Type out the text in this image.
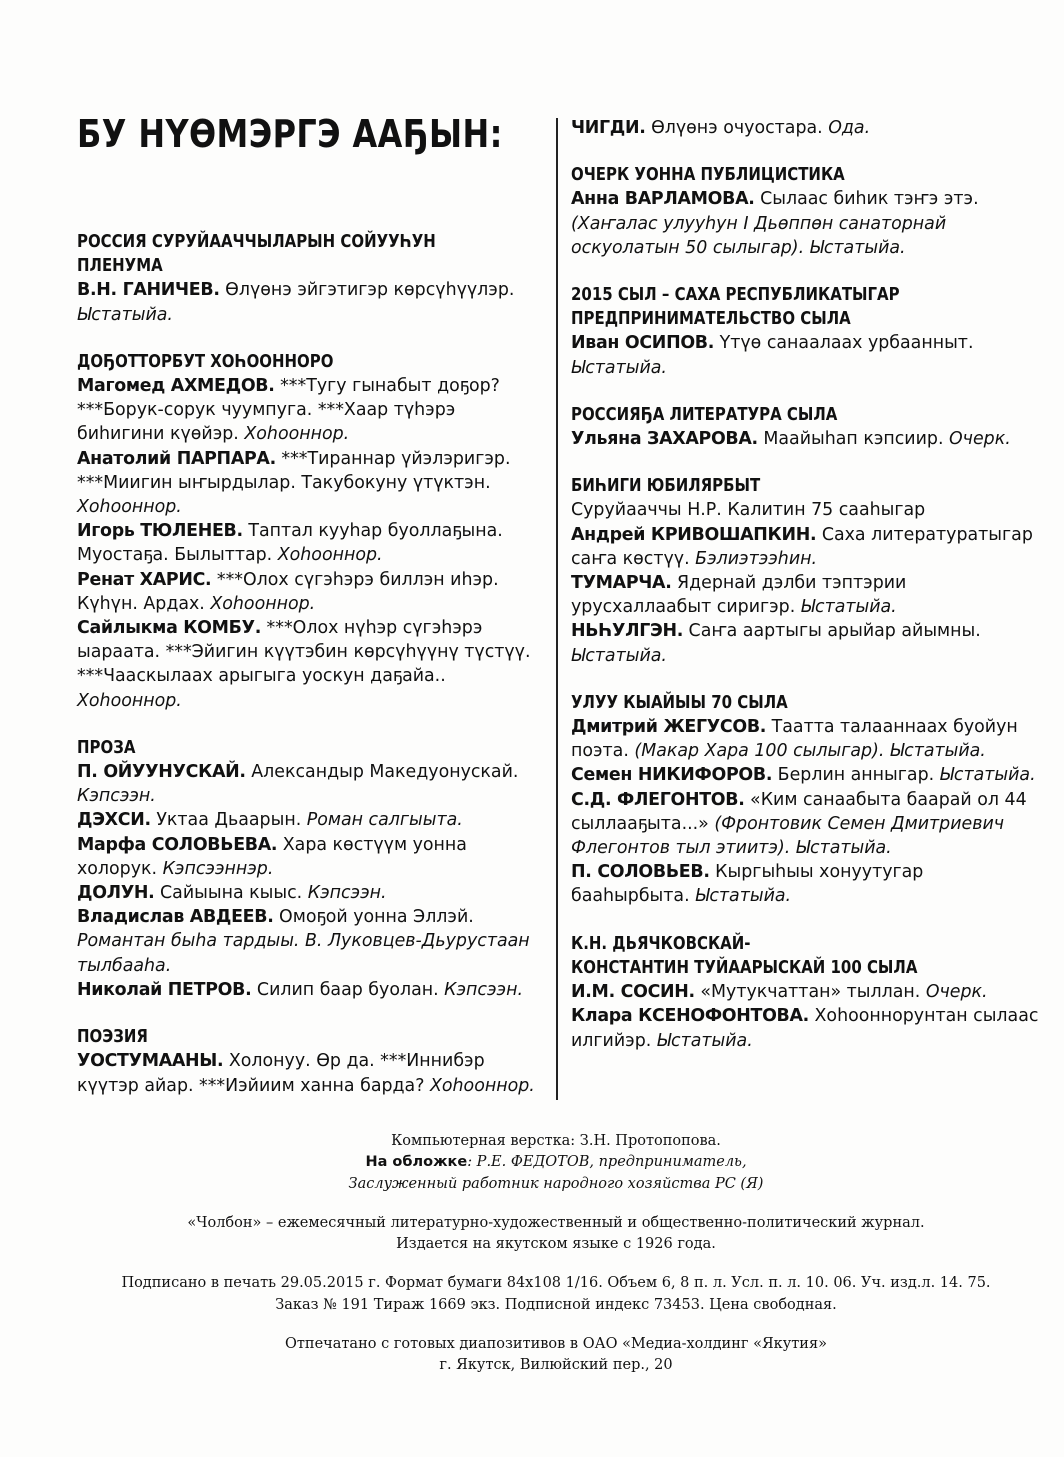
БУ НҮӨМЭРГЭ ААҔЫН:
РОССИЯ СУРУЙААЧЧЫЛАРЫН СОЙУУҺУН
ПЛЕНУМА
В.Н. ГАНИЧЕВ. Өлүөнэ эйгэтигэр көрсүһүүлэр. Ыстатыйа.
ДОҔОТТОРБУТ ХОҺООННОРО
Магомед АХМЕДОВ. ***Тугу гынабыт доҕор? ***Борук-сорук чуумпуга. ***Хаар түһэрэ биһигини күөйэр. Хоһооннор.
Анатолий ПАРПАРА. ***Тираннар үйэлэригэр. ***Миигин ыҥырдылар. Такубокуну үтүктэн. Хоһооннор.
Игорь ТЮЛЕНЕВ. Таптал кууһар буоллаҕына. Муостаҕа. Былыттар. Хоһооннор.
Ренат ХАРИС. ***Олох сүгэһэрэ биллэн иһэр. Күһүн. Ардах. Хоһооннор.
Сайлыкма КОМБУ. ***Олох нүһэр сүгэһэрэ ыараата. ***Эйигин күүтэбин көрсүһүүнү түстүү. ***Чааскылаах арыгыга уоскун даҕайа.. Хоһооннор.
ПРОЗА
П. ОЙУУНУСКАЙ. Александыр Македуонускай. Кэпсээн.
ДЭХСИ. Уктаа Дьаарын. Роман салгыыта.
Марфа СОЛОВЬЕВА. Хара көстүүм уонна холорук. Кэпсээннэр.
ДОЛУН. Сайыына кыыс. Кэпсээн.
Владислав АВДЕЕВ. Омоҕой уонна Эллэй. Романтан быһа тардыы. В. Луковцев-Дьурустаан тылбааһа.
Николай ПЕТРОВ. Силип баар буолан. Кэпсээн.
ПОЭЗИЯ
УОСТУМААНЫ. Холонуу. Өр да. ***Иннибэр күүтэр айар. ***Иэйиим ханна барда? Хоһооннор.
ЧИГДИ. Өлүөнэ очуостара. Ода.
ОЧЕРК УОННА ПУБЛИЦИСТИКА
Анна ВАРЛАМОВА. Сылаас биһик тэҥэ этэ. (Хаҥалас улууһун I Дьөппөн санаторнай оскуолатын 50 сылыгар). Ыстатыйа.
2015 СЫЛ – САХА РЕСПУБЛИКАТЫГАР
ПРЕДПРИНИМАТЕЛЬСТВО СЫЛА
Иван ОСИПОВ. Үтүө санаалаах урбаанныт. Ыстатыйа.
РОССИЯҔА ЛИТЕРАТУРА СЫЛА
Ульяна ЗАХАРОВА. Маайыһап кэпсиир. Очерк.
БИҺИГИ ЮБИЛЯРБЫТ
Суруйааччы Н.Р. Калитин 75 сааһыгар
Андрей КРИВОШАПКИН. Саха литературатыгар саҥа көстүү. Бэлиэтээһин.
ТУМАРЧА. Ядернай дэлби тэптэрии урусхаллаабыт сиригэр. Ыстатыйа.
НЬҺУЛГЭН. Саҥа аартыгы арыйар айымны. Ыстатыйа.
УЛУУ КЫАЙЫЫ 70 СЫЛА
Дмитрий ЖЕГУСОВ. Таатта талааннаах буойун поэта. (Макар Хара 100 сылыгар). Ыстатыйа.
Семен НИКИФОРОВ. Берлин анныгар. Ыстатыйа.
С.Д. ФЛЕГОНТОВ. «Ким санаабыта баарай ол 44 сыллааҕыта...» (Фронтовик Семен Дмитриевич Флегонтов тыл этиитэ). Ыстатыйа.
П. СОЛОВЬЕВ. Кыргыһыы хонуутугар бааһырбыта. Ыстатыйа.
К.Н. ДЬЯЧКОВСКАЙ-
КОНСТАНТИН ТУЙААРЫСКАЙ 100 СЫЛА
И.М. СОСИН. «Мутукчаттан» тыллан. Очерк.
Клара КСЕНОФОНТОВА. Хоһооннорунтан сылаас илгийэр. Ыстатыйа.

Компьютерная верстка: З.Н. Протопопова.

На обложке: Р.Е. ФЕДОТОВ, предприниматель,

Заслуженный работник народного хозяйства РС (Я)

«Чолбон» – ежемесячный литературно-художественный и общественно-политический журнал.

Издается на якутском языке с 1926 года.

Подписано в печать 29.05.2015 г. Формат бумаги 84х108 1/16. Объем 6, 8 п. л. Усл. п. л. 10. 06. Уч. изд.л. 14. 75.

Заказ № 191 Тираж 1669 экз. Подписной индекс 73453. Цена свободная.

Отпечатано с готовых диапозитивов в ОАО «Медиа-холдинг «Якутия»

г. Якутск, Вилюйский пер., 20
